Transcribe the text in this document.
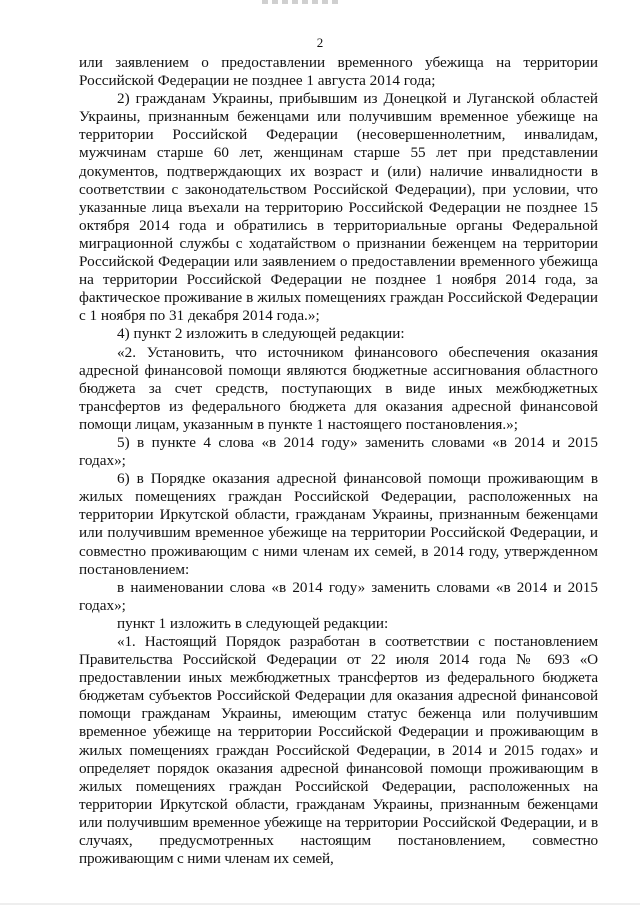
2

или заявлением о предоставлении временного убежища на территории Российской Федерации не позднее 1 августа 2014 года;

2) гражданам Украины, прибывшим из Донецкой и Луганской областей Украины, признанным беженцами или получившим временное убежище на территории Российской Федерации (несовершеннолетним, инвалидам, мужчинам старше 60 лет, женщинам старше 55 лет при представлении документов, подтверждающих их возраст и (или) наличие инвалидности в соответствии с законодательством Российской Федерации), при условии, что указанные лица въехали на территорию Российской Федерации не позднее 15 октября 2014 года и обратились в территориальные органы Федеральной миграционной службы с ходатайством о признании беженцем на территории Российской Федерации или заявлением о предоставлении временного убежища на территории Российской Федерации не позднее 1 ноября 2014 года, за фактическое проживание в жилых помещениях граждан Российской Федерации с 1 ноября по 31 декабря 2014 года.»;

4) пункт 2 изложить в следующей редакции:

«2. Установить, что источником финансового обеспечения оказания адресной финансовой помощи являются бюджетные ассигнования областного бюджета за счет средств, поступающих в виде иных межбюджетных трансфертов из федерального бюджета для оказания адресной финансовой помощи лицам, указанным в пункте 1 настоящего постановления.»;

5) в пункте 4 слова «в 2014 году» заменить словами «в 2014 и 2015 годах»;

6) в Порядке оказания адресной финансовой помощи проживающим в жилых помещениях граждан Российской Федерации, расположенных на территории Иркутской области, гражданам Украины, признанным беженцами или получившим временное убежище на территории Российской Федерации, и совместно проживающим с ними членам их семей, в 2014 году, утвержденном постановлением:

в наименовании слова «в 2014 году» заменить словами «в 2014 и 2015 годах»;

пункт 1 изложить в следующей редакции:

«1. Настоящий Порядок разработан в соответствии с постановлением Правительства Российской Федерации от 22 июля 2014 года № 693 «О предоставлении иных межбюджетных трансфертов из федерального бюджета бюджетам субъектов Российской Федерации для оказания адресной финансовой помощи гражданам Украины, имеющим статус беженца или получившим временное убежище на территории Российской Федерации и проживающим в жилых помещениях граждан Российской Федерации, в 2014 и 2015 годах» и определяет порядок оказания адресной финансовой помощи проживающим в жилых помещениях граждан Российской Федерации, расположенных на территории Иркутской области, гражданам Украины, признанным беженцами или получившим временное убежище на территории Российской Федерации, и в случаях, предусмотренных настоящим постановлением, совместно проживающим с ними членам их семей,
